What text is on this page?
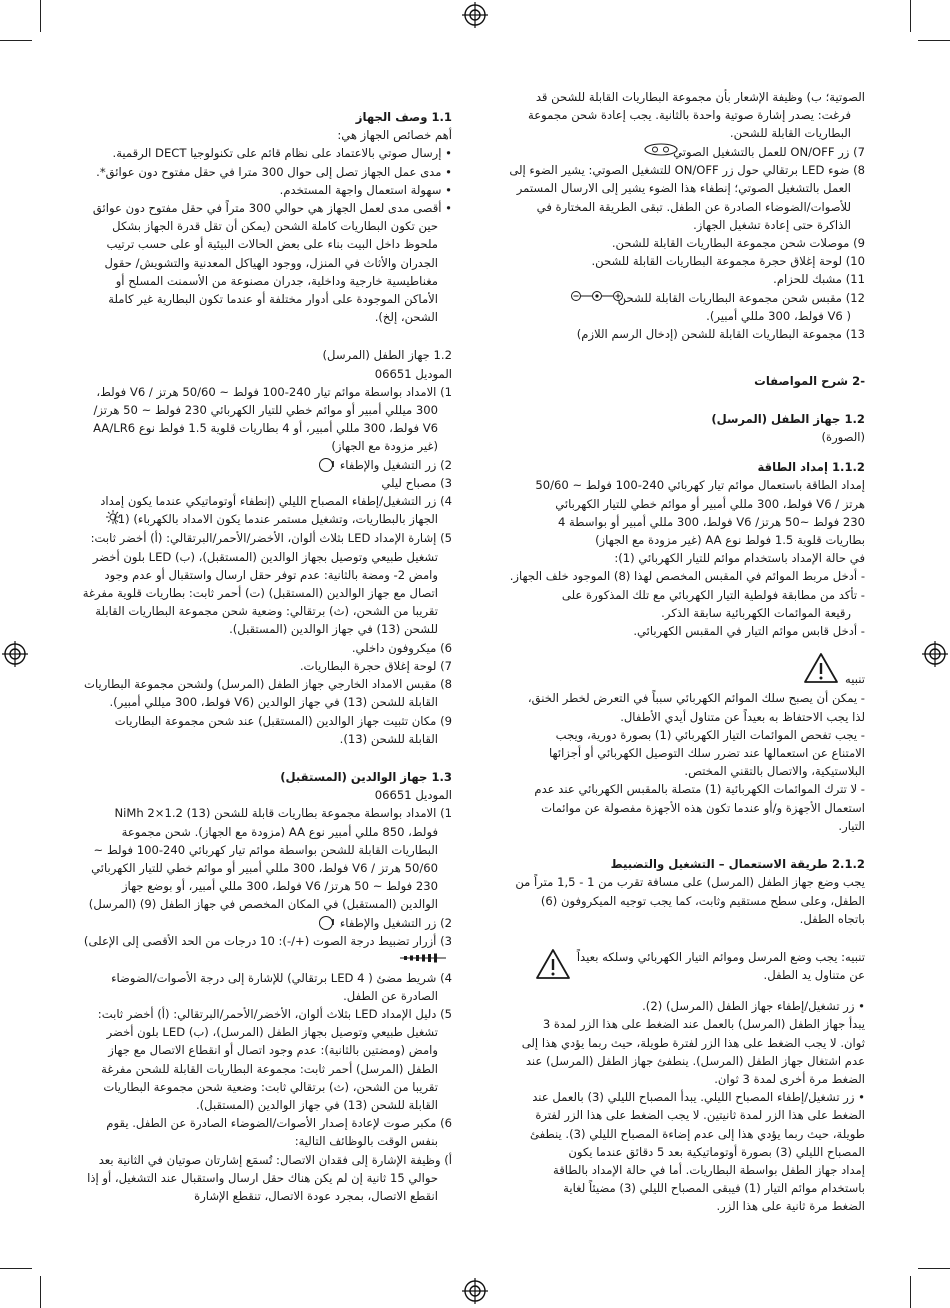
الصوتية؛ ب) وظيفة الإشعار بأن مجموعة البطاريات القابلة للشحن قد

فرغت: يصدر إشارة صوتية واحدة بالثانية. يجب إعادة شحن مجموعة

البطاريات القابلة للشحن.

7) زر ON/OFF للعمل بالتشغيل الصوتي

8) ضوء LED برتقالي حول زر ON/OFF للتشغيل الصوتي: يشير الضوء إلى العمل بالتشغيل الصوتي؛ إنطفاء هذا الضوء يشير إلى الارسال المستمر للأصوات/الضوضاء الصادرة عن الطفل. تبقى الطريقة المختارة في الذاكرة حتى إعادة تشغيل الجهاز.

9) موصلات شحن مجموعة البطاريات القابلة للشحن.

10) لوحة إغلاق حجرة مجموعة البطاريات القابلة للشحن.

11) مشبك للحزام.

12) مقبس شحن مجموعة البطاريات القابلة للشحن

( V6 فولط، 300 مللي أمبير).

13) مجموعة البطاريات القابلة للشحن (إدخال الرسم اللازم)

-2 شرح المواصفات

1.2 جهاز الطفل (المرسل)

(الصورة)

1.1.2 إمداد الطاقة

إمداد الطاقة باستعمال موائم تيار كهربائي 240-100 فولط ~ 50/60

هرتز / V6 فولط، 300 مللي أمبير أو موائم خطي للتيار الكهربائي

230 فولط ~50 هرتز/ V6 فولط، 300 مللي أمبير أو بواسطة 4

بطاريات قلوية 1.5 فولط نوع AA (غير مزودة مع الجهاز)

في حالة الإمداد باستخدام موائم للتيار الكهربائي (1):

- أدخل مربط الموائم في المقبس المخصص لهذا (8) الموجود خلف الجهاز.

- تأكد من مطابقة فولطية التيار الكهربائي مع تلك المذكورة على

رقيعة الموائمات الكهربائية سابقة الذكر.

- أدخل قابس موائم التيار في المقبس الكهربائي.

تنبيه

- يمكن أن يصبح سلك الموائم الكهربائي سبباً في التعرض لخطر الخنق،

لذا يجب الاحتفاظ به بعيداً عن متناول أيدي الأطفال.

- يجب تفحص الموائمات التيار الكهربائي (1) بصورة دورية، ويجب

الامتناع عن استعمالها عند تضرر سلك التوصيل الكهربائي أو أجزائها

البلاستيكية، والاتصال بالتقني المختص.

- لا تترك الموائمات الكهربائية (1) متصلة بالمقبس الكهربائي عند عدم

استعمال الأجهزة و/أو عندما تكون هذه الأجهزة مفصولة عن موائمات

التيار.

2.1.2 طريقة الاستعمال – التشغيل والتضبيط

يجب وضع جهاز الطفل (المرسل) على مسافة تقرب من 1 - 1,5 متراً من

الطفل، وعلى سطح مستقيم وثابت، كما يجب توجيه الميكروفون (6)

باتجاه الطفل.

تنبيه: يجب وضع المرسل وموائم التيار الكهربائي وسلكه بعيداً

عن متناول يد الطفل.

• زر تشغيل/إطفاء جهاز الطفل (المرسل) (2).

يبدأ جهاز الطفل (المرسل) بالعمل عند الضغط على هذا الزر لمدة 3

ثوان. لا يجب الضغط على هذا الزر لفترة طويلة، حيث ربما يؤدي هذا إلى

عدم اشتغال جهاز الطفل (المرسل). ينطفئ جهاز الطفل (المرسل) عند

الضغط مرة أخرى لمدة 3 ثوان.

• زر تشغيل/إطفاء المصباح الليلي. يبدأ المصباح الليلي (3) بالعمل عند

الضغط على هذا الزر لمدة ثانيتين. لا يجب الضغط على هذا الزر لفترة

طويلة، حيث ربما يؤدي هذا إلى عدم إضاءة المصباح الليلي (3). ينطفئ

المصباح الليلي (3) بصورة أوتوماتيكية بعد 5 دقائق عندما يكون

إمداد جهاز الطفل بواسطة البطاريات. أما في حالة الإمداد بالطاقة

باستخدام موائم التيار (1) فيبقى المصباح الليلي (3) مضيئاً لغاية

الضغط مرة ثانية على هذا الزر.

1.1 وصف الجهاز

أهم خصائص الجهاز هي:

• إرسال صوتي بالاعتماد على نظام قائم على تكنولوجيا DECT الرقمية.

• مدى عمل الجهاز تصل إلى حوال 300 مترا في حقل مفتوح دون عوائق*.

• سهولة استعمال واجهة المستخدم.

• أقصى مدى لعمل الجهاز هي حوالي 300 متراً في حقل مفتوح دون عوائق حين تكون البطاريات كاملة الشحن (يمكن أن تقل قدرة الجهاز بشكل ملحوظ داخل البيت بناء على بعض الحالات البيئية أو على حسب ترتيب الجدران والأثاث في المنزل، ووجود الهياكل المعدنية والتشويش/ حقول مغناطيسية خارجية وداخلية، جدران مصنوعة من الأسمنت المسلح أو الأماكن الموجودة على أدوار مختلفة أو عندما تكون البطارية غير كاملة الشحن، إلخ).

1.2 جهاز الطفل (المرسل)

الموديل 06651

1) الامداد بواسطة موائم تيار 240-100 فولط ~ 50/60 هرتز / V6 فولط، 300 ميللي أمبير أو موائم خطي للتيار الكهربائي 230 فولط ~ 50 هرتز/ V6 فولط، 300 مللي أمبير، أو 4 بطاريات قلوية 1.5 فولط نوع AA/LR6 (غير مزودة مع الجهاز)

2) زر التشغيل والإطفاء I

3) مصباح ليلي

4) زر التشغيل/إطفاء المصباح الليلي (إنطفاء أوتوماتيكي عندما يكون إمداد الجهاز بالبطاريات، وتشغيل مستمر عندما يكون الامداد بالكهرباء) (1)

5) إشارة الإمداد LED بثلاث ألوان، الأخضر/الأحمر/البرتقالي: (أ) أخضر ثابت: تشغيل طبيعي وتوصيل بجهاز الوالدين (المستقبل)، (ب) LED بلون أخضر وامض 2- ومضة بالثانية: عدم توفر حقل ارسال واستقبال أو عدم وجود اتصال مع جهاز الوالدين (المستقبل) (ت) أحمر ثابت: بطاريات قلوية مفرغة تقريبا من الشحن، (ث) برتقالي: وضعية شحن مجموعة البطاريات القابلة للشحن (13) في جهاز الوالدين (المستقبل).

6) ميكروفون داخلي.

7) لوحة إغلاق حجرة البطاريات.

8) مقبس الامداد الخارجي جهاز الطفل (المرسل) ولشحن مجموعة البطاريات القابلة للشحن (13) في جهاز الوالدين (V6 فولط، 300 ميللي أمبير).

9) مكان تثبيت جهاز الوالدين (المستقبل) عند شحن مجموعة البطاريات القابلة للشحن (13).

1.3 جهاز الوالدين (المستقبل)

الموديل 06651

1) الامداد بواسطة مجموعة بطاريات قابلة للشحن (13) NiMh 2×1.2 فولط، 850 مللي أمبير نوع AA (مزودة مع الجهاز). شحن مجموعة البطاريات القابلة للشحن بواسطة موائم تيار كهربائي 240-100 فولط ~ 50/60 هرتز / V6 فولط، 300 مللي أمبير أو موائم خطي للتيار الكهربائي 230 فولط ~ 50 هرتز/ V6 فولط، 300 مللي أمبير، أو بوضع جهاز الوالدين (المستقبل) في المكان المخصص في جهاز الطفل (9) (المرسل)

2) زر التشغيل والإطفاء I

3) أزرار تضبيط درجة الصوت (+/-): 10 درجات من الحد الأقصى إلى الإعلى)

4) شريط مضئ ( 4 LED برتقالي) للإشارة إلى درجة الأصوات/الضوضاء الصادرة عن الطفل.

5) دليل الإمداد LED بثلاث ألوان، الأخضر/الأحمر/البرتقالي: (أ) أخضر ثابت: تشغيل طبيعي وتوصيل بجهاز الطفل (المرسل)، (ب) LED بلون أخضر وامض (ومضتين بالثانية): عدم وجود اتصال أو انقطاع الاتصال مع جهاز الطفل (المرسل) أحمر ثابت: مجموعة البطاريات القابلة للشحن مفرغة تقريبا من الشحن، (ث) برتقالي ثابت: وضعية شحن مجموعة البطاريات القابلة للشحن (13) في جهاز الوالدين (المستقبل).

6) مكبر صوت لإعادة إصدار الأصوات/الضوضاء الصادرة عن الطفل. يقوم بنفس الوقت بالوظائف التالية:

أ) وظيفة الإشارة إلى فقدان الاتصال: تُسمَع إشارتان صوتيان في الثانية بعد حوالي 15 ثانية إن لم يكن هناك حقل ارسال واستقبال عند التشغيل، أو إذا انقطع الاتصال، بمجرد عودة الاتصال، تنقطع الإشارة
